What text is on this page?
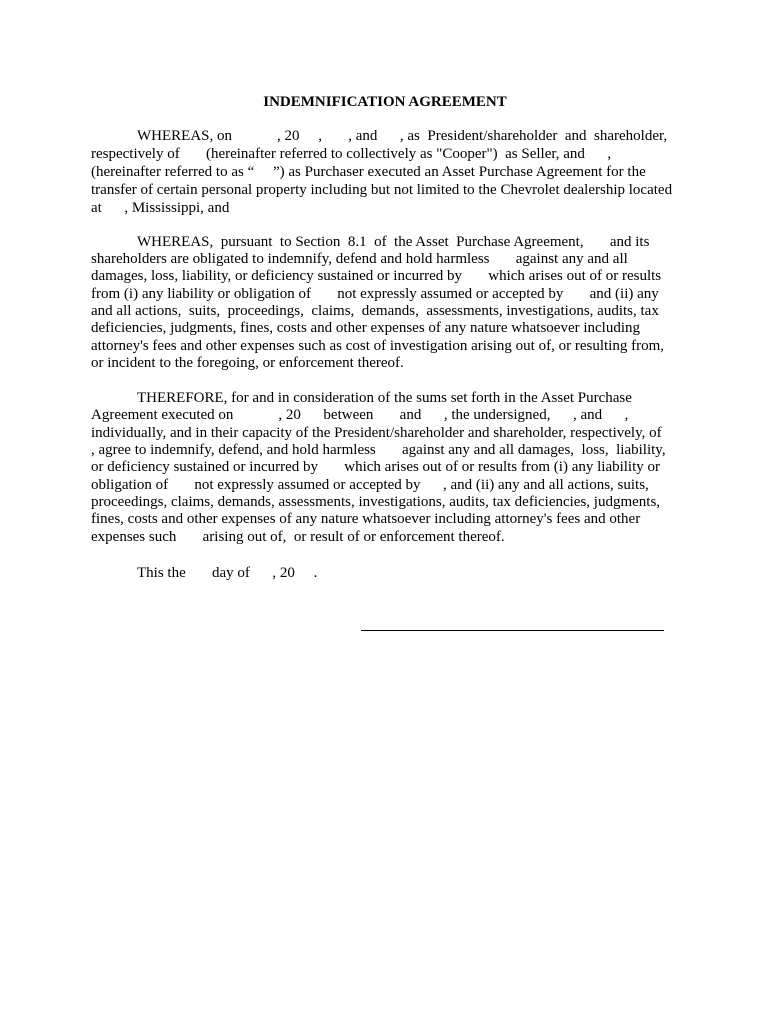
INDEMNIFICATION AGREEMENT
WHEREAS, on            , 20     ,       , and      , as  President/shareholder  and  shareholder,
respectively of       (hereinafter referred to collectively as "Cooper")  as Seller, and      ,
(hereinafter referred to as “     ”) as Purchaser executed an Asset Purchase Agreement for the
transfer of certain personal property including but not limited to the Chevrolet dealership located
at      , Mississippi, and
WHEREAS,  pursuant  to Section  8.1  of  the Asset  Purchase Agreement,       and its
shareholders are obligated to indemnify, defend and hold harmless       against any and all
damages, loss, liability, or deficiency sustained or incurred by       which arises out of or results
from (i) any liability or obligation of       not expressly assumed or accepted by       and (ii) any
and all actions,  suits,  proceedings,  claims,  demands,  assessments, investigations, audits, tax
deficiencies, judgments, fines, costs and other expenses of any nature whatsoever including
attorney's fees and other expenses such as cost of investigation arising out of, or resulting from,
or incident to the foregoing, or enforcement thereof.
THEREFORE, for and in consideration of the sums set forth in the Asset Purchase
Agreement executed on            , 20      between       and      , the undersigned,      , and      ,
individually, and in their capacity of the President/shareholder and shareholder, respectively, of
, agree to indemnify, defend, and hold harmless       against any and all damages,  loss,  liability,
or deficiency sustained or incurred by       which arises out of or results from (i) any liability or
obligation of       not expressly assumed or accepted by      , and (ii) any and all actions, suits,
proceedings, claims, demands, assessments, investigations, audits, tax deficiencies, judgments,
fines, costs and other expenses of any nature whatsoever including attorney's fees and other
expenses such       arising out of,  or result of or enforcement thereof.
This the       day of      , 20     .
